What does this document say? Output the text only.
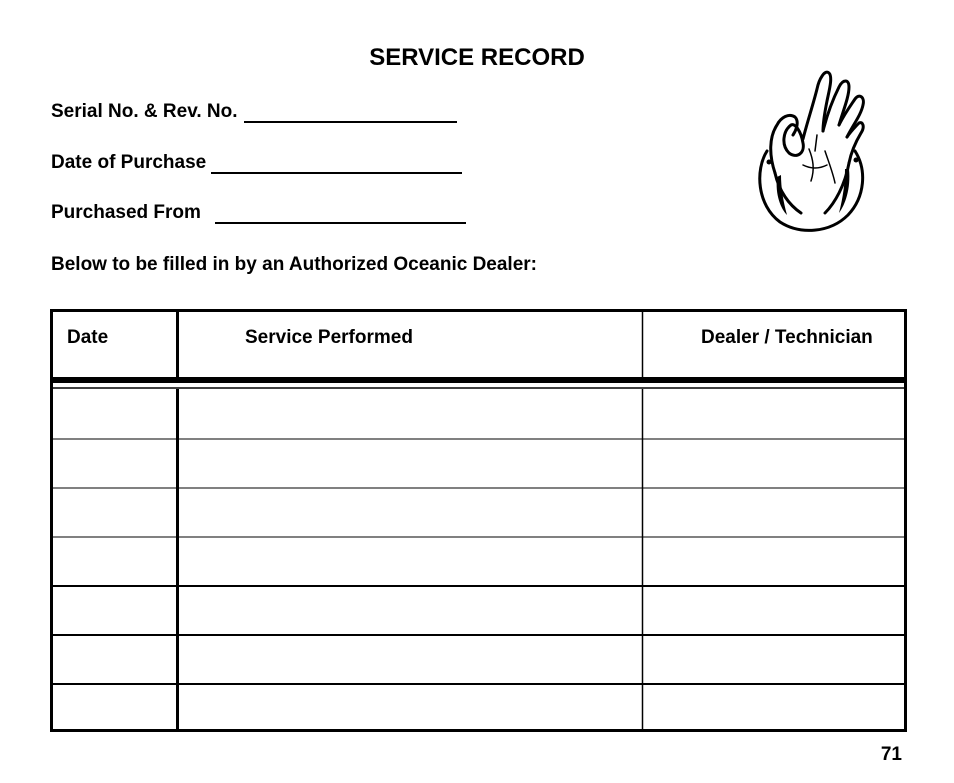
SERVICE RECORD
Serial No. & Rev. No.
Date of Purchase
Purchased From
Below to be filled in by an Authorized Oceanic Dealer:
Date	Service Performed	Dealer / Technician
71
